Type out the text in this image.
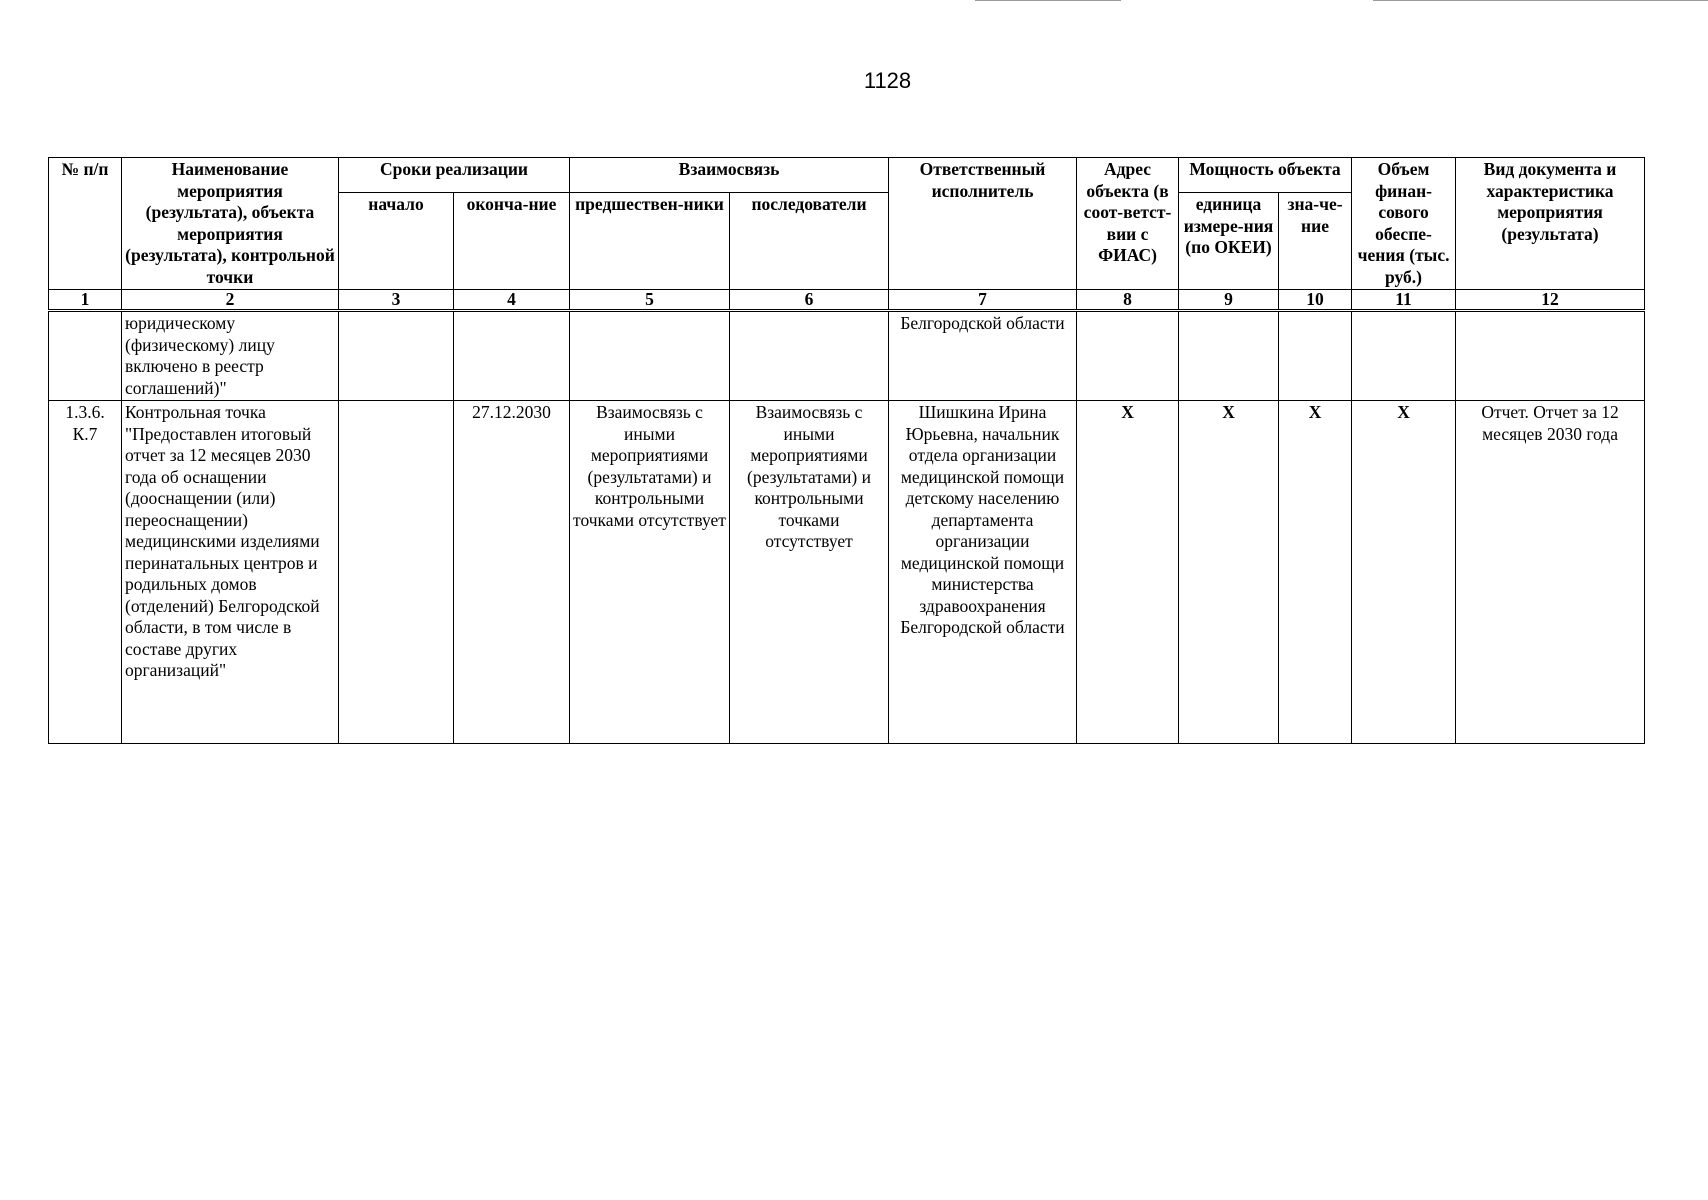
1128
№ п/п	Наименование мероприятия (результата), объекта мероприятия (результата), контрольной точки	Сроки реализации		Взаимосвязь		Ответственный исполнитель	Адрес объекта (в соот-ветст-вии с ФИАС)	Мощность объекта		Объем финан-сового обеспе-чения (тыс. руб.)	Вид документа и характеристика мероприятия (результата)
		начало	оконча-ние	предшествен-ники	последователи			единица измере-ния (по ОКЕИ)	зна-че-ние		
1	2	3	4	5	6	7	8	9	10	11	12
	юридическому (физическому) лицу включено в реестр соглашений)"					Белгородской области					
1.3.6. К.7	Контрольная точка "Предоставлен итоговый отчет за 12 месяцев 2030 года об оснащении (дооснащении (или) переоснащении) медицинскими изделиями перинатальных центров и родильных домов (отделений) Белгородской области, в том числе в составе других организаций"		27.12.2030	Взаимосвязь с иными мероприятиями (результатами) и контрольными точками отсутствует	Взаимосвязь с иными мероприятиями (результатами) и контрольными точками отсутствует	Шишкина Ирина Юрьевна, начальник отдела организации медицинской помощи детскому населению департамента организации медицинской помощи министерства здравоохранения Белгородской области	Х	Х	Х	Х	Отчет. Отчет за 12 месяцев 2030 года
